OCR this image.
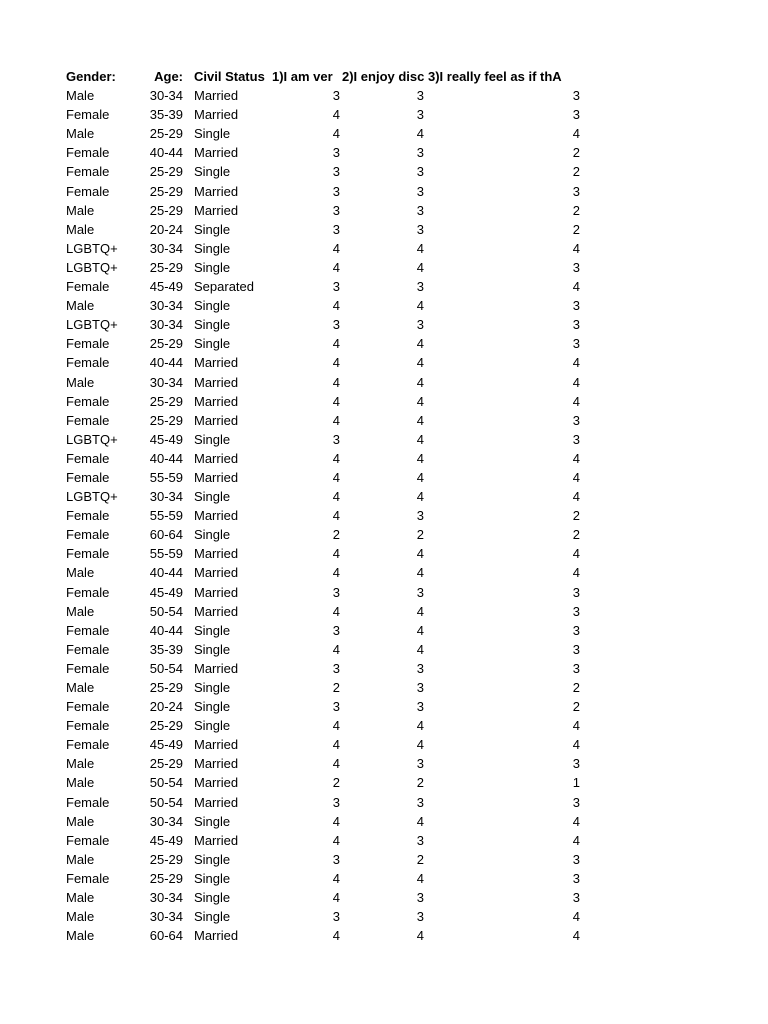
Gender:	Age: Civil Status 1)I am ver 2)I enjoy disc 3)I really feel as if thA
Male	30-34 Married	3	3	3
Female	35-39 Married	4	3	3
Male	25-29 Single	4	4	4
Female	40-44 Married	3	3	2
Female	25-29 Single	3	3	2
Female	25-29 Married	3	3	3
Male	25-29 Married	3	3	2
Male	20-24 Single	3	3	2
LGBTQ+	30-34 Single	4	4	4
LGBTQ+	25-29 Single	4	4	3
Female	45-49 Separated	3	3	4
Male	30-34 Single	4	4	3
LGBTQ+	30-34 Single	3	3	3
Female	25-29 Single	4	4	3
Female	40-44 Married	4	4	4
Male	30-34 Married	4	4	4
Female	25-29 Married	4	4	4
Female	25-29 Married	4	4	3
LGBTQ+	45-49 Single	3	4	3
Female	40-44 Married	4	4	4
Female	55-59 Married	4	4	4
LGBTQ+	30-34 Single	4	4	4
Female	55-59 Married	4	3	2
Female	60-64 Single	2	2	2
Female	55-59 Married	4	4	4
Male	40-44 Married	4	4	4
Female	45-49 Married	3	3	3
Male	50-54 Married	4	4	3
Female	40-44 Single	3	4	3
Female	35-39 Single	4	4	3
Female	50-54 Married	3	3	3
Male	25-29 Single	2	3	2
Female	20-24 Single	3	3	2
Female	25-29 Single	4	4	4
Female	45-49 Married	4	4	4
Male	25-29 Married	4	3	3
Male	50-54 Married	2	2	1
Female	50-54 Married	3	3	3
Male	30-34 Single	4	4	4
Female	45-49 Married	4	3	4
Male	25-29 Single	3	2	3
Female	25-29 Single	4	4	3
Male	30-34 Single	4	3	3
Male	30-34 Single	3	3	4
Male	60-64 Married	4	4	4
